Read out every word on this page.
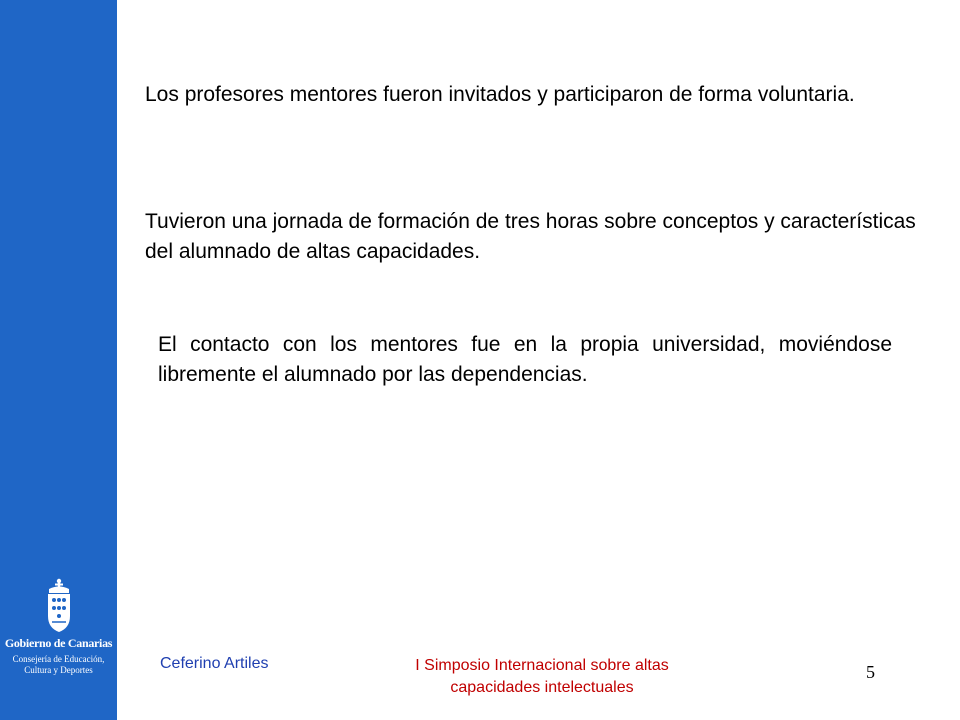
Gobierno de Canarias
Consejería de Educación,
Cultura y Deportes

Los profesores mentores fueron invitados y participaron de forma voluntaria.

Tuvieron una jornada de formación de tres horas sobre conceptos y características del alumnado de altas capacidades.

El contacto con los mentores fue en la propia universidad, moviéndose libremente el alumnado por las dependencias.

Ceferino Artiles	I Simposio Internacional sobre altas capacidades intelectuales
5
